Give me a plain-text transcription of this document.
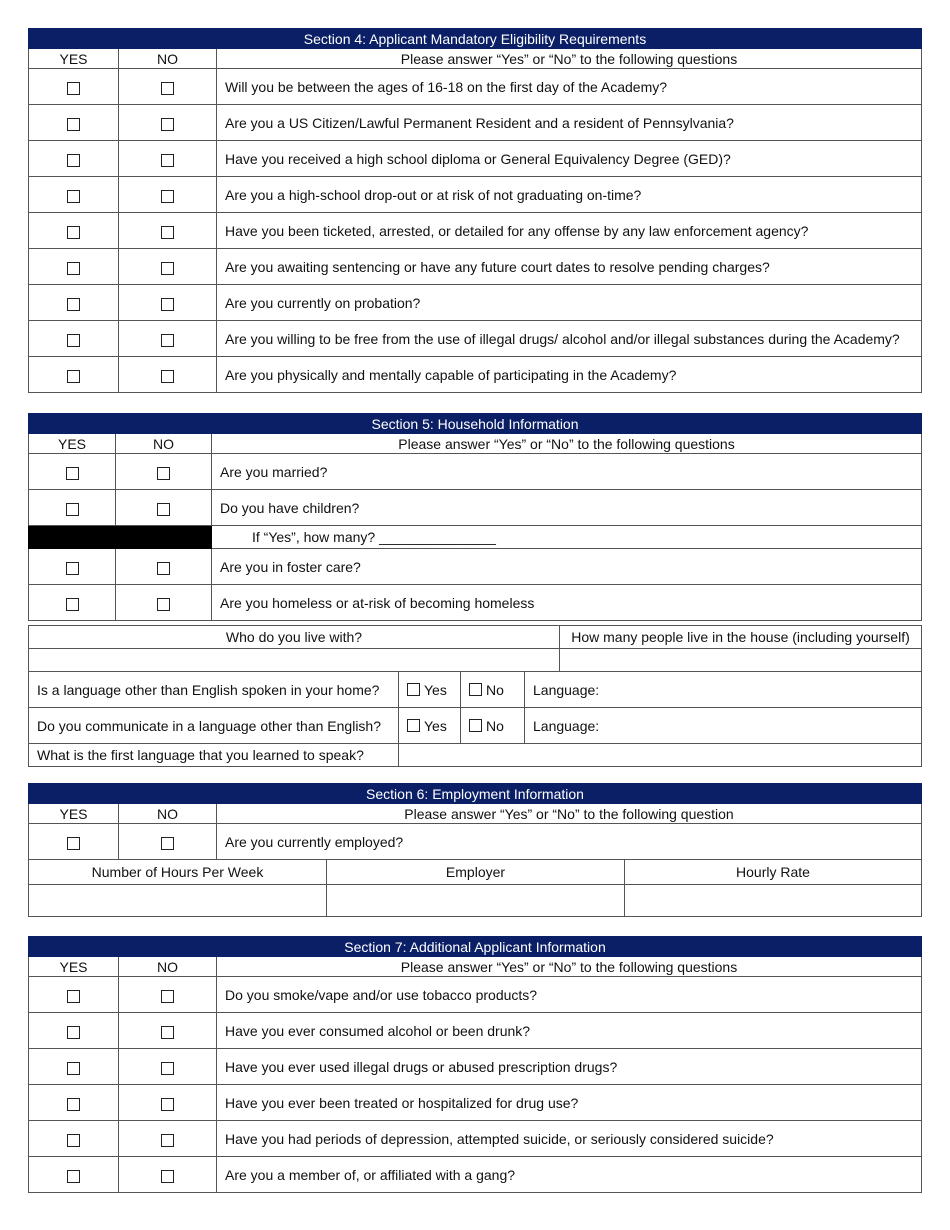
Section 4: Applicant Mandatory Eligibility Requirements		
YES	NO	Please answer “Yes” or “No” to the following questions
		Will you be between the ages of 16-18 on the first day of the Academy?
		Are you a US Citizen/Lawful Permanent Resident and a resident of Pennsylvania?
		Have you received a high school diploma or General Equivalency Degree (GED)?
		Are you a high-school drop-out or at risk of not graduating on-time?
		Have you been ticketed, arrested, or detailed for any offense by any law enforcement agency?
		Are you awaiting sentencing or have any future court dates to resolve pending charges?
		Are you currently on probation?
		Are you willing to be free from the use of illegal drugs/ alcohol and/or illegal substances during the Academy?
		Are you physically and mentally capable of participating in the Academy?
Section 5: Household Information		
YES	NO	Please answer “Yes” or “No” to the following questions
		Are you married?
		Do you have children?
		If “Yes”, how many? _______________
		Are you in foster care?
		Are you homeless or at-risk of becoming homeless
Who do you live with?				How many people live in the house (including yourself)

Is a language other than English spoken in your home?	Yes	No	Language:	
Do you communicate in a language other than English?	Yes	No	Language:	
What is the first language that you learned to speak?				
Section 6: Employment Information				
YES	NO	Please answer “Yes” or “No” to the following question		
		Are you currently employed?		
Number of Hours Per Week			Employer	Hourly Rate

Section 7: Additional Applicant Information		
YES	NO	Please answer “Yes” or “No” to the following questions
		Do you smoke/vape and/or use tobacco products?
		Have you ever consumed alcohol or been drunk?
		Have you ever used illegal drugs or abused prescription drugs?
		Have you ever been treated or hospitalized for drug use?
		Have you had periods of depression, attempted suicide, or seriously considered suicide?
		Are you a member of, or affiliated with a gang?
